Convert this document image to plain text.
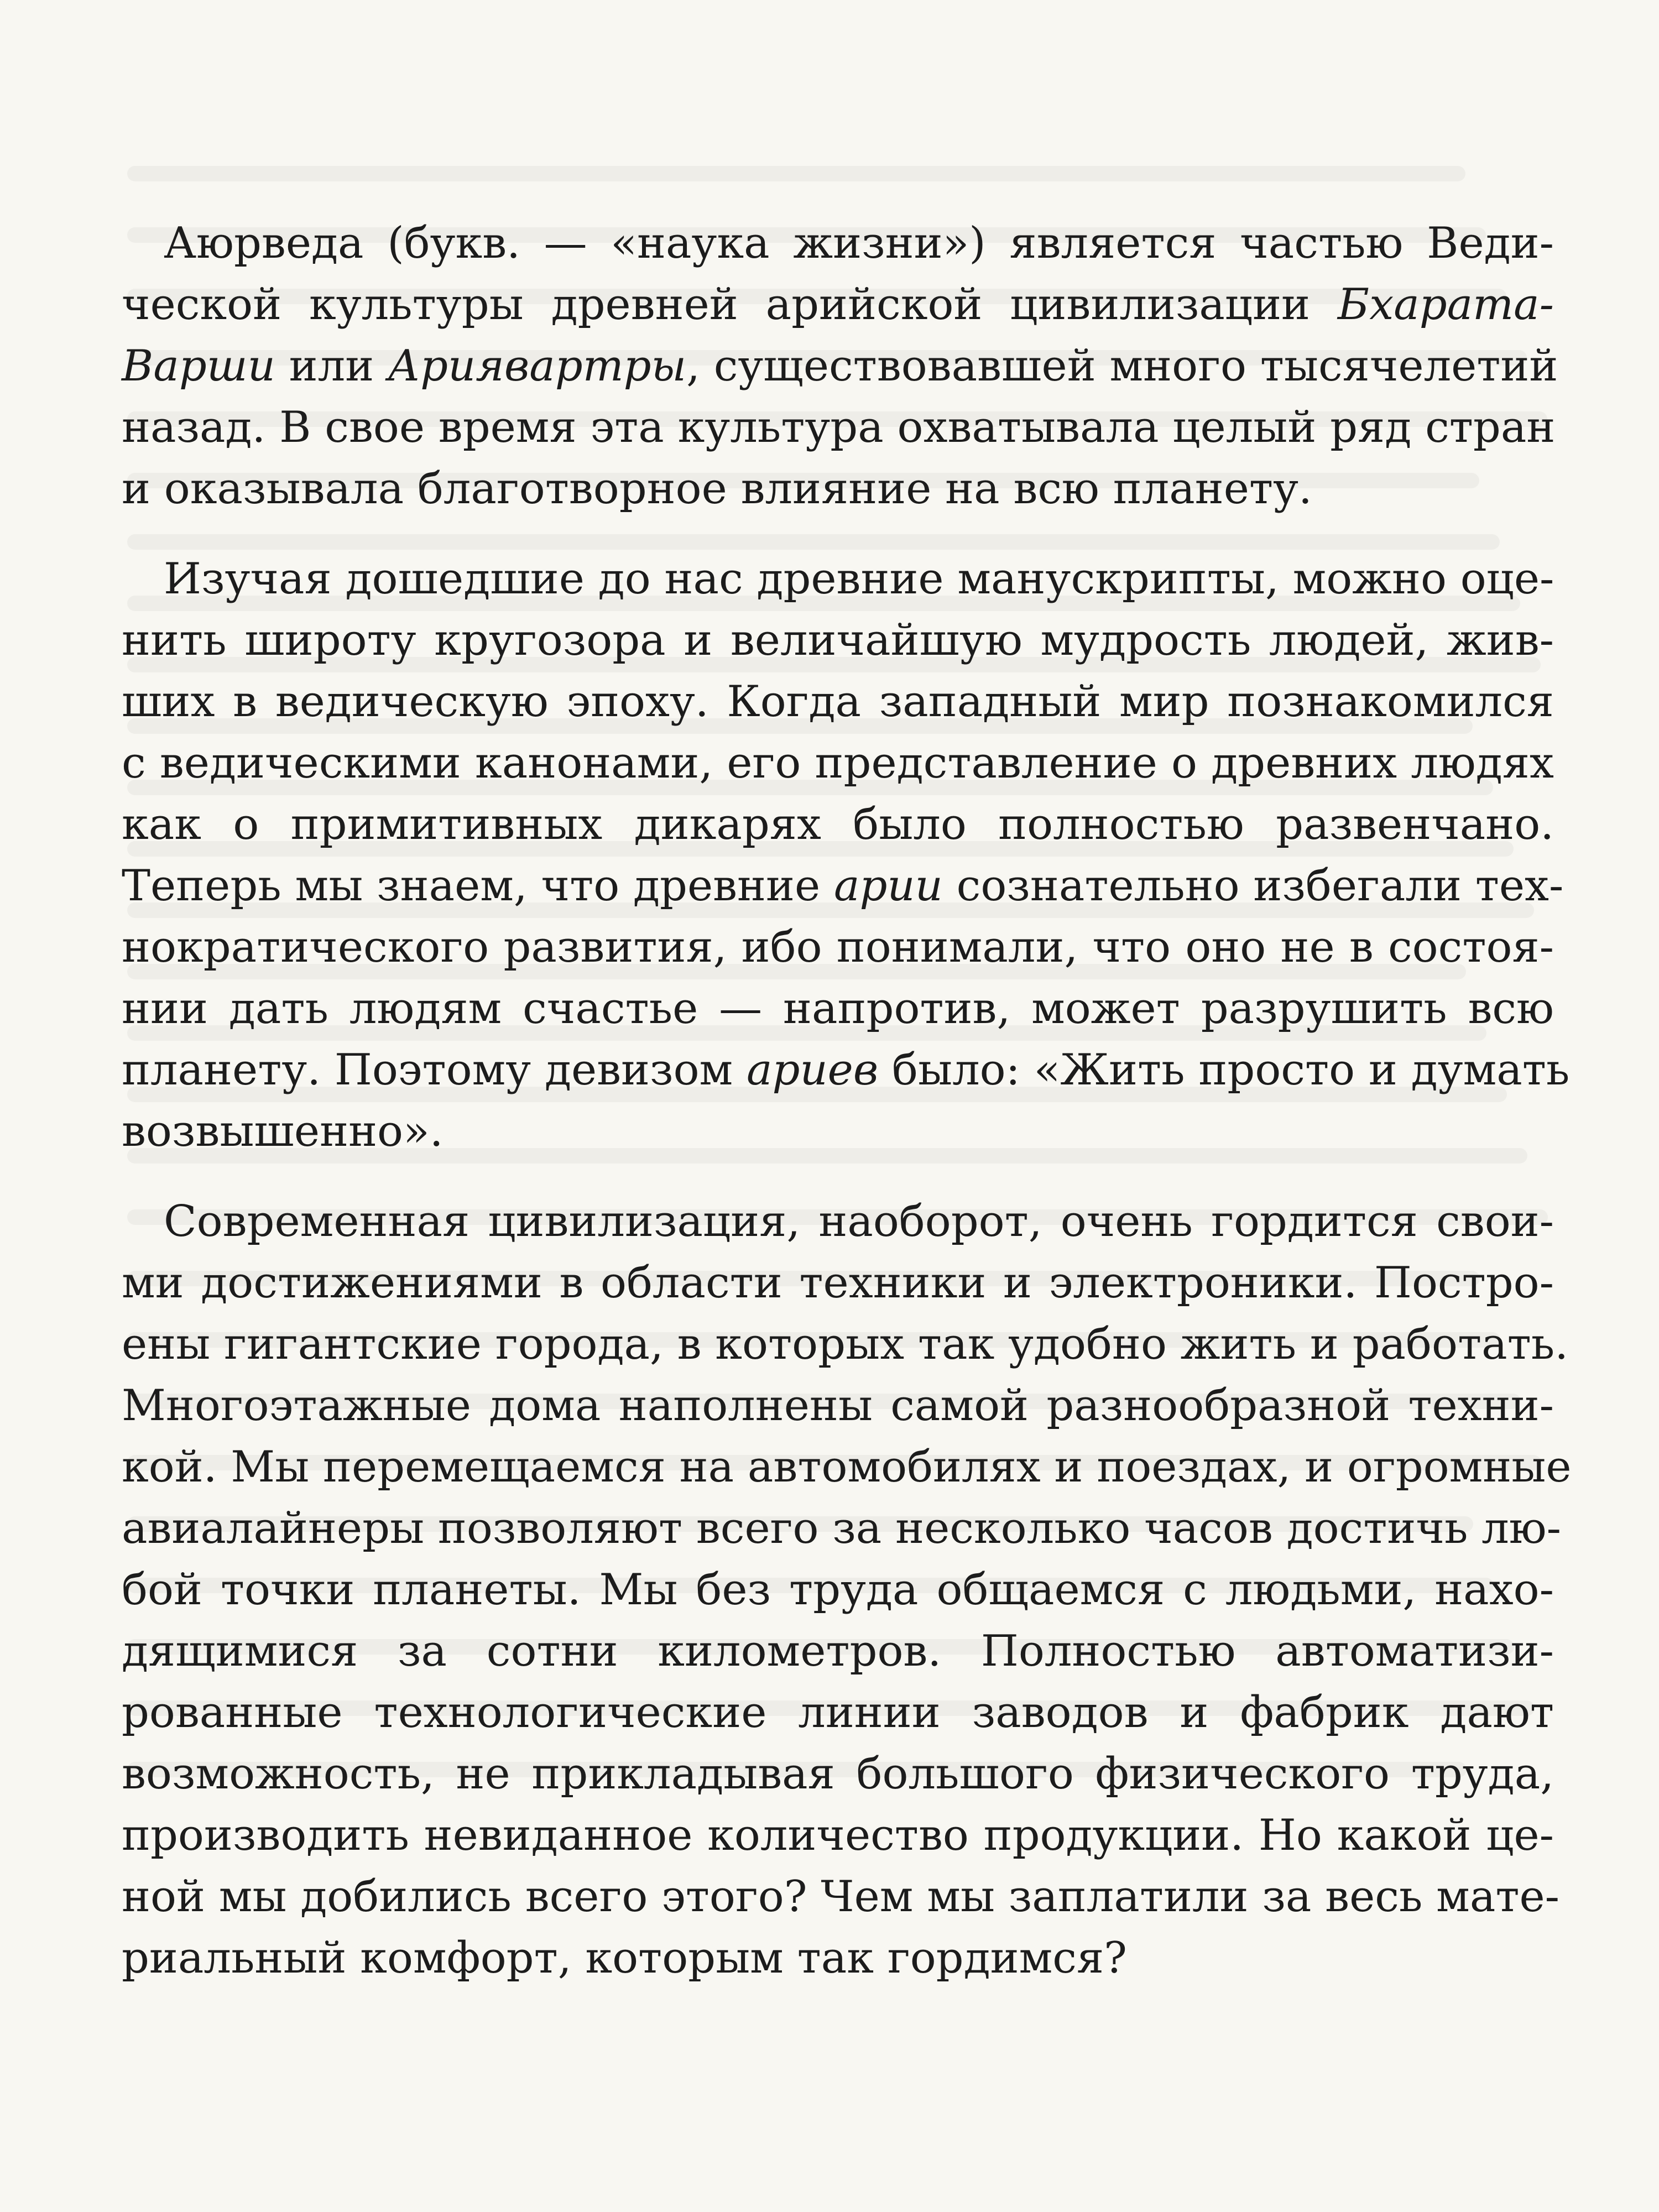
Аюрведа (букв. — «наука жизни») является частью Веди-
ческой культуры древней арийской цивилизации Бхарата-
Варши или Ариявартры, существовавшей много тысячелетий
назад. В свое время эта культура охватывала целый ряд стран
и оказывала благотворное влияние на всю планету.
Изучая дошедшие до нас древние манускрипты, можно оце-
нить широту кругозора и величайшую мудрость людей, жив-
ших в ведическую эпоху. Когда западный мир познакомился
с ведическими канонами, его представление о древних людях
как о примитивных дикарях было полностью развенчано.
Теперь мы знаем, что древние арии сознательно избегали тех-
нократического развития, ибо понимали, что оно не в состоя-
нии дать людям счастье — напротив, может разрушить всю
планету. Поэтому девизом ариев было: «Жить просто и думать
возвышенно».
Современная цивилизация, наоборот, очень гордится свои-
ми достижениями в области техники и электроники. Постро-
ены гигантские города, в которых так удобно жить и работать.
Многоэтажные дома наполнены самой разнообразной техни-
кой. Мы перемещаемся на автомобилях и поездах, и огромные
авиалайнеры позволяют всего за несколько часов достичь лю-
бой точки планеты. Мы без труда общаемся с людьми, нахо-
дящимися за сотни километров. Полностью автоматизи-
рованные технологические линии заводов и фабрик дают
возможность, не прикладывая большого физического труда,
производить невиданное количество продукции. Но какой це-
ной мы добились всего этого? Чем мы заплатили за весь мате-
риальный комфорт, которым так гордимся?
